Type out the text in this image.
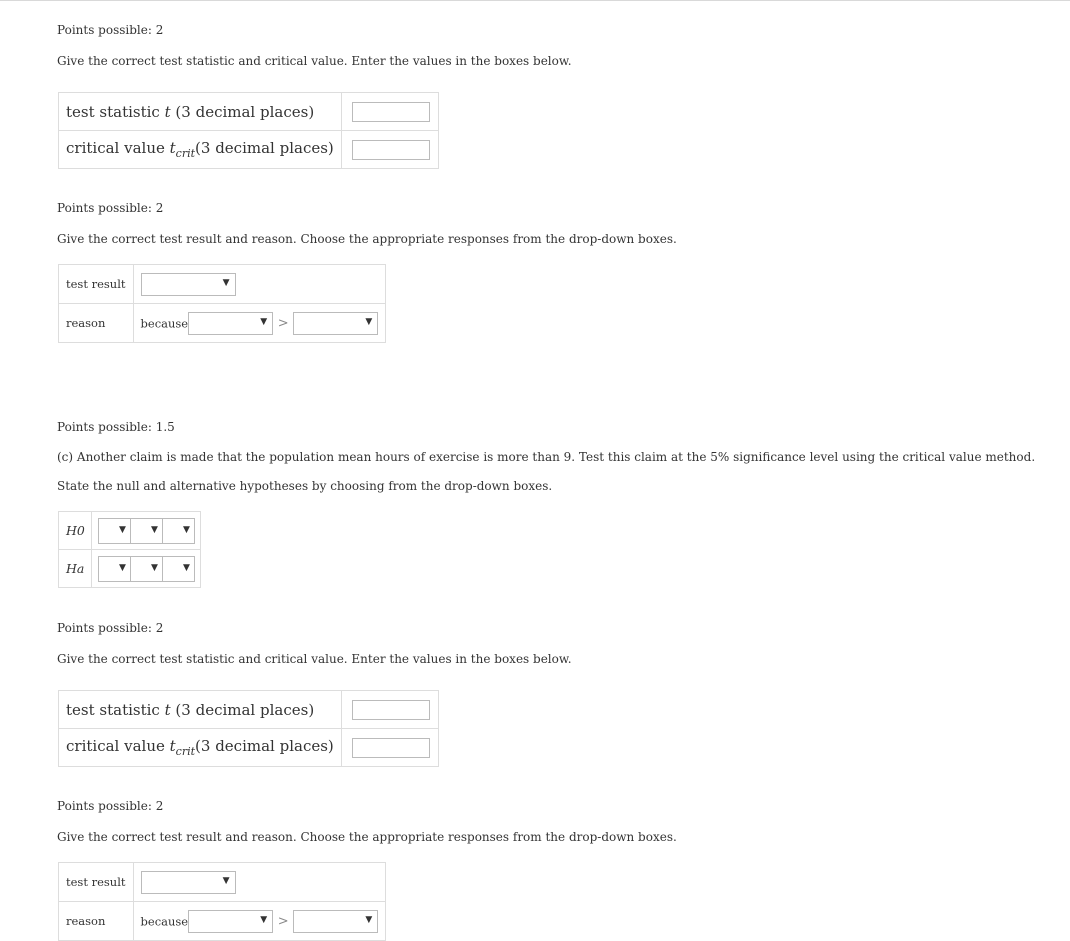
Points possible: 2
Give the correct test statistic and critical value. Enter the values in the boxes below.
test statistic t (3 decimal places)	

critical value $t_{crit}(3$ decimal places)	
Points possible: 2
Give the correct test result and reason. Choose the appropriate responses from the drop-down boxes.
test result	▼

reason	because ▼ > ▼
Points possible: 1.5
(c) Another claim is made that the population mean hours of exercise is more than 9. Test this claim at the 5% significance level using the critical value method.
State the null and alternative hypotheses by choosing from the drop-down boxes.
H0	▼ ▼ ▼

Ha	▼ ▼ ▼
Points possible: 2
Give the correct test statistic and critical value. Enter the values in the boxes below.
test statistic t (3 decimal places)	

critical value $t_{crit}(3$ decimal places)	
Points possible: 2
Give the correct test result and reason. Choose the appropriate responses from the drop-down boxes.
test result	▼

reason	because ▼ > ▼
